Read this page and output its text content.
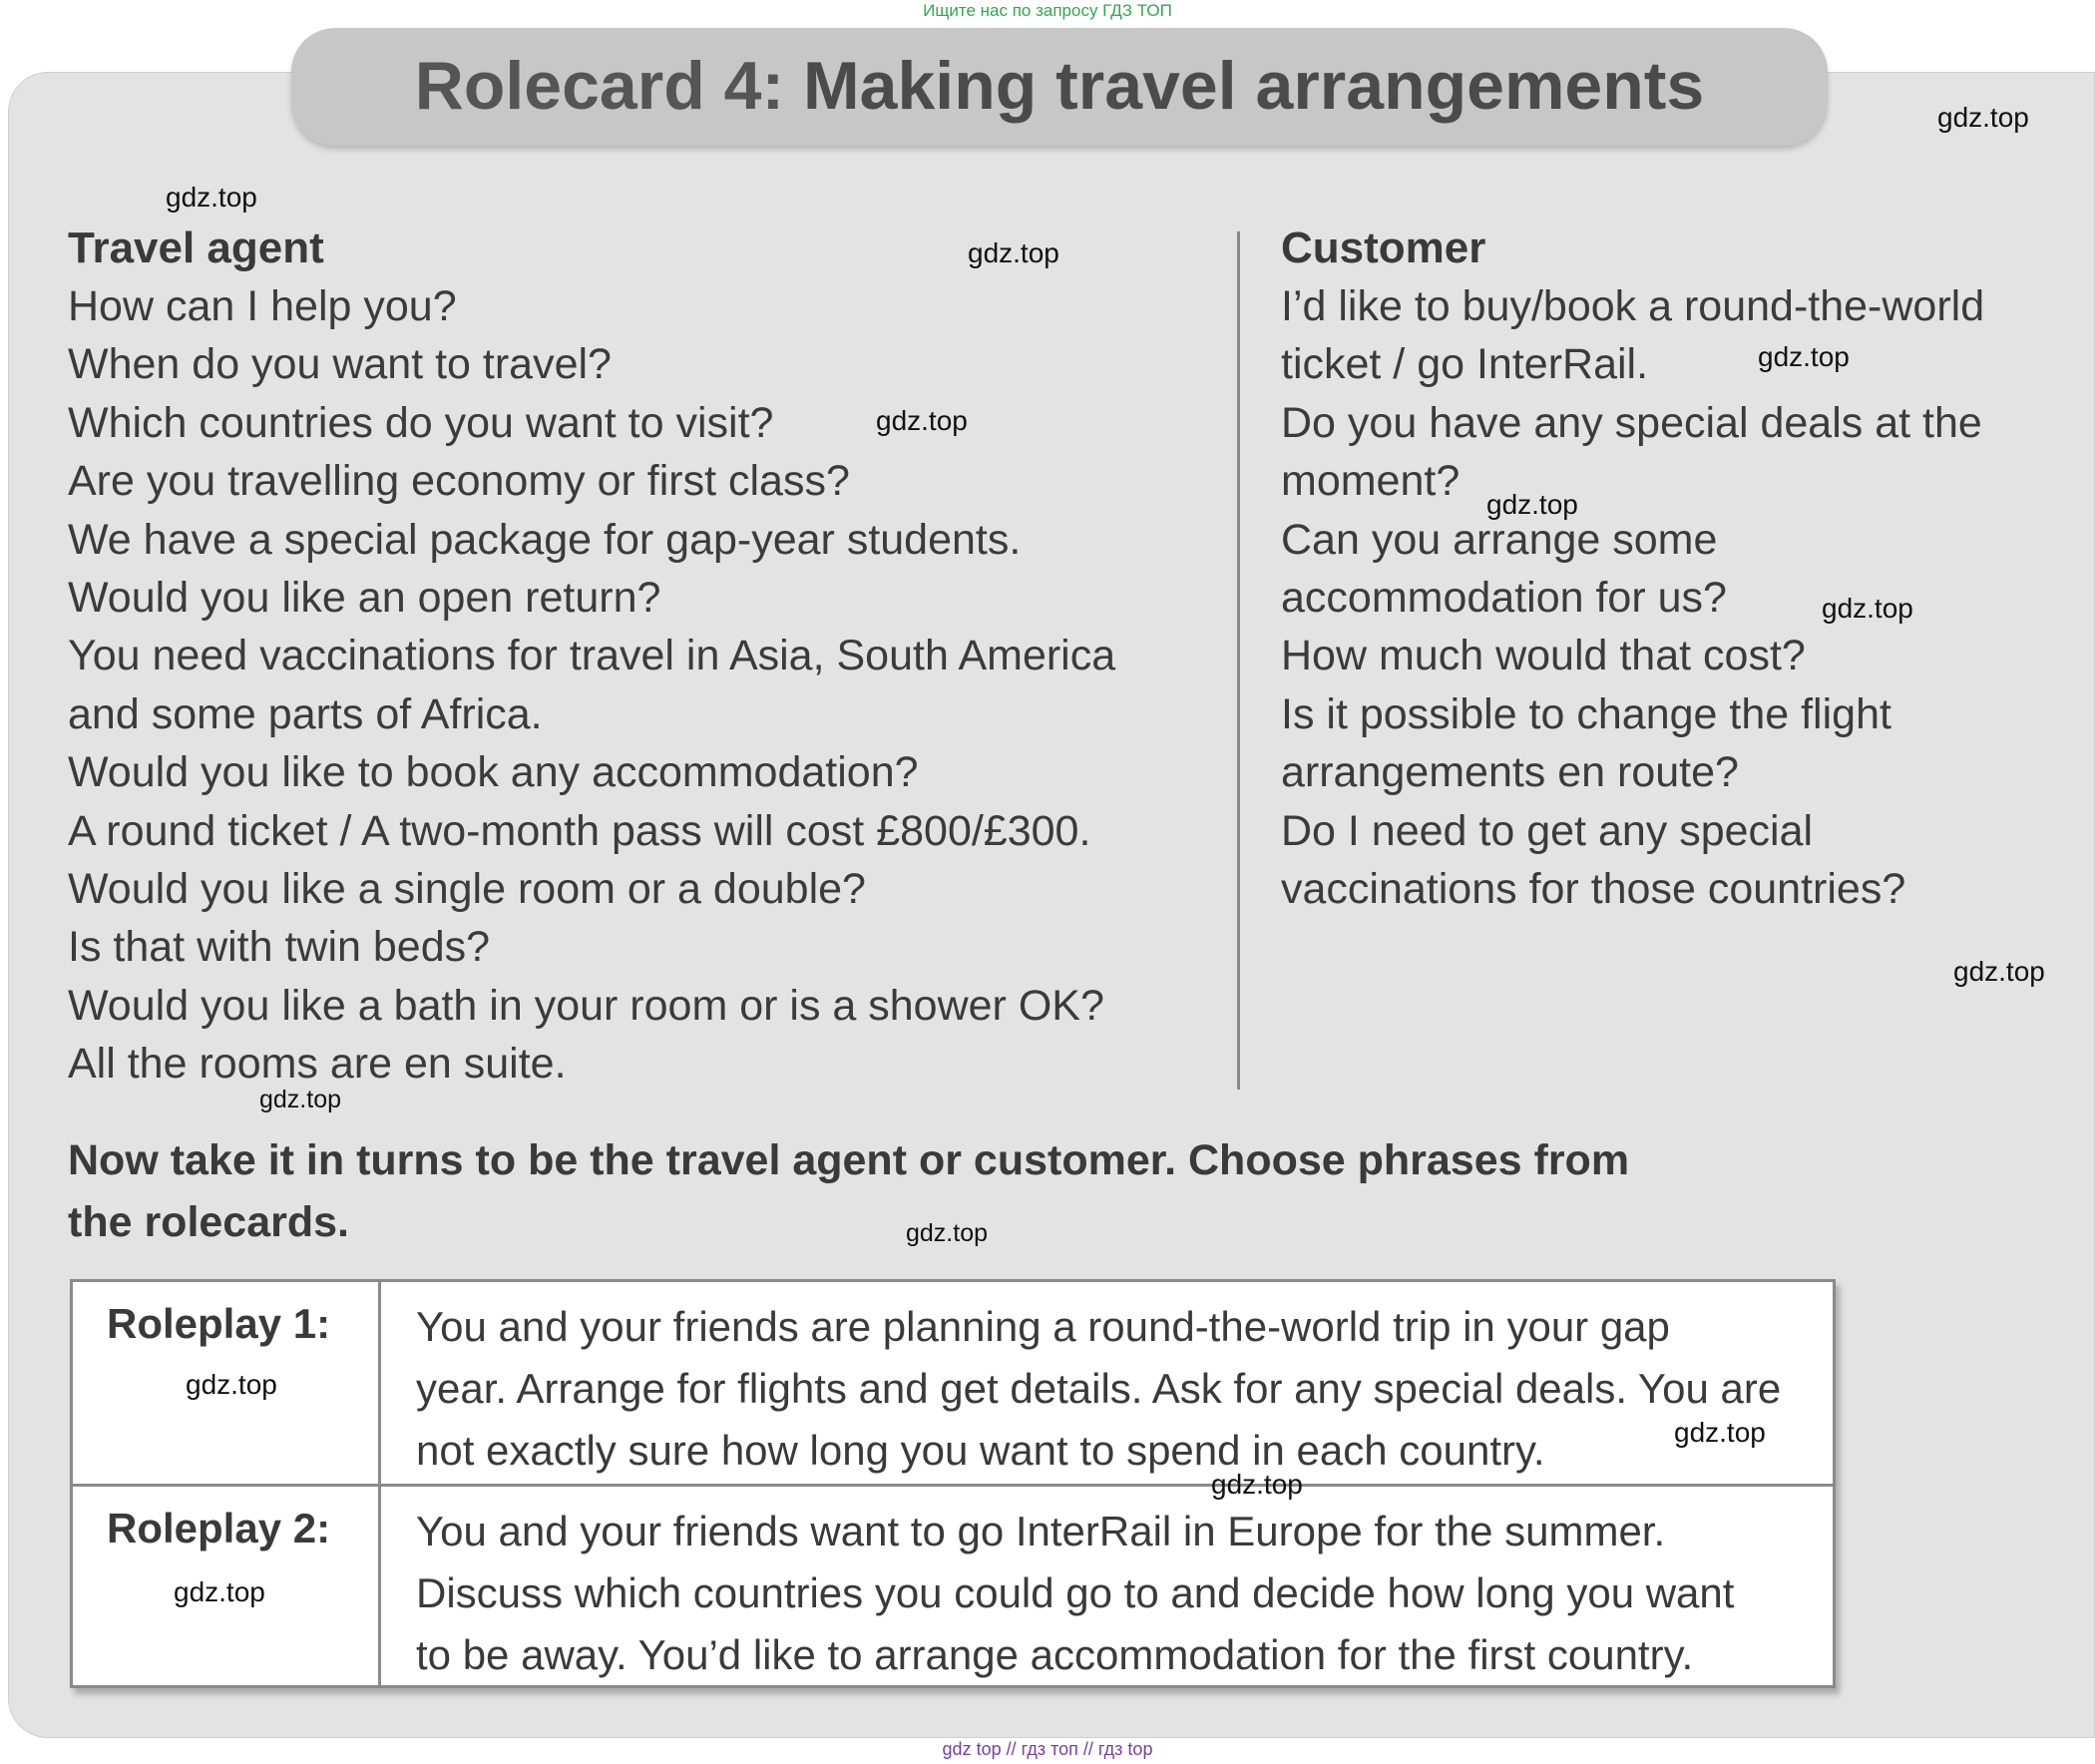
Ищите нас по запросу ГДЗ ТОП
Rolecard 4: Making travel arrangements
Travel agent
How can I help you?
When do you want to travel?
Which countries do you want to visit?
Are you travelling economy or first class?
We have a special package for gap-year students.
Would you like an open return?
You need vaccinations for travel in Asia, South America
and some parts of Africa.
Would you like to book any accommodation?
A round ticket / A two-month pass will cost £800/£300.
Would you like a single room or a double?
Is that with twin beds?
Would you like a bath in your room or is a shower OK?
All the rooms are en suite.
Customer
I’d like to buy/book a round-the-world
ticket / go InterRail.
Do you have any special deals at the
moment?
Can you arrange some
accommodation for us?
How much would that cost?
Is it possible to change the flight
arrangements en route?
Do I need to get any special
vaccinations for those countries?
Now take it in turns to be the travel agent or customer. Choose phrases from
the rolecards.
Roleplay 1: You and your friends are planning a round-the-world trip in your gap
year. Arrange for flights and get details. Ask for any special deals. You are
not exactly sure how long you want to spend in each country.
Roleplay 2: You and your friends want to go InterRail in Europe for the summer.
Discuss which countries you could go to and decide how long you want
to be away. You’d like to arrange accommodation for the first country.
gdz.top
gdz.top
gdz.top
gdz.top
gdz.top
gdz.top
gdz.top
gdz.top
gdz.top
gdz.top
gdz.top
gdz.top
gdz.top
gdz.top
gdz top // гдз топ // гдз top
